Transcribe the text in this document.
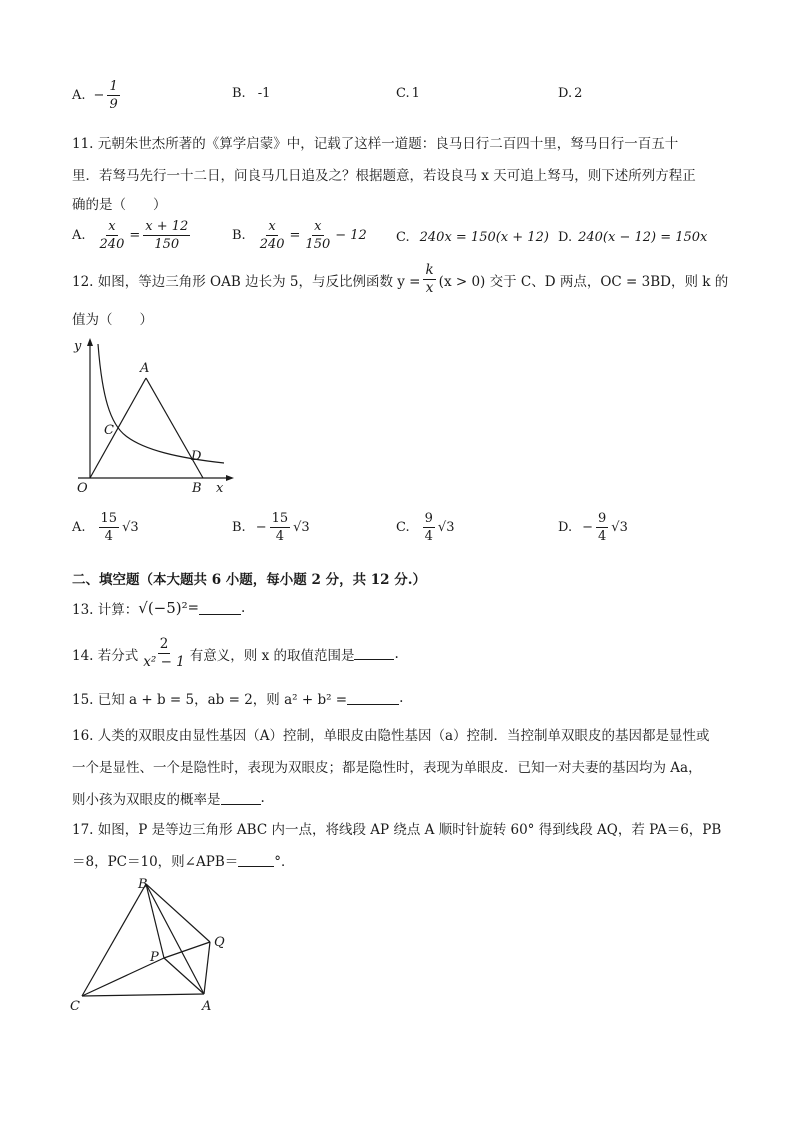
A. − $\frac{1}{9}$	B. -1	C. 1	D. 2
11. 元朝朱世杰所著的《算学启蒙》中，记载了这样一道题：良马日行二百四十里，驽马日行一百五十
里．若驽马先行一十二日，问良马几日追及之？根据题意，若设良马 x 天可追上驽马，则下述所列方程正
确的是（　　）
A. $\frac{x}{240} = \frac{x + 12}{150}$	B. $\frac{x}{240} = \frac{x}{150} - 12$ C. 240x = 150(x + 12) D. 240(x − 12) = 150x
12. 如图，等边三角形 OAB 边长为 5，与反比例函数 $y = \frac{k}{x} (x > 0)$ 交于 C、D 两点，OC = 3BD，则 k 的
值为（　　）
y
A
C
D
O	B x
A. $\frac{15}{4} √3$	B. − $\frac{15}{4} √3$	C. $\frac{9}{4} √3$	D. − $\frac{9}{4} √3$
二、填空题（本大题共 6 小题，每小题 2 分，共 12 分.）
13. 计算： √(−5)² =	.
14. 若分式 $\frac{2}{\text{x² − 1}}$ 有意义，则 x 的取值范围是	.
15. 已知 a + b = 5，ab = 2，则 a² + b² =	.
16. 人类的双眼皮由显性基因（A）控制，单眼皮由隐性基因（a）控制．当控制单双眼皮的基因都是显性或
一个是显性、一个是隐性时，表现为双眼皮；都是隐性时，表现为单眼皮．已知一对夫妻的基因均为 Aa，
则小孩为双眼皮的概率是	.
17. 如图，P 是等边三角形 ABC 内一点，将线段 AP 绕点 A 顺时针旋转 60° 得到线段 AQ，若 PA＝6，PB
＝8，PC＝10，则∠APB＝	°．
B
Q
P
C	A
